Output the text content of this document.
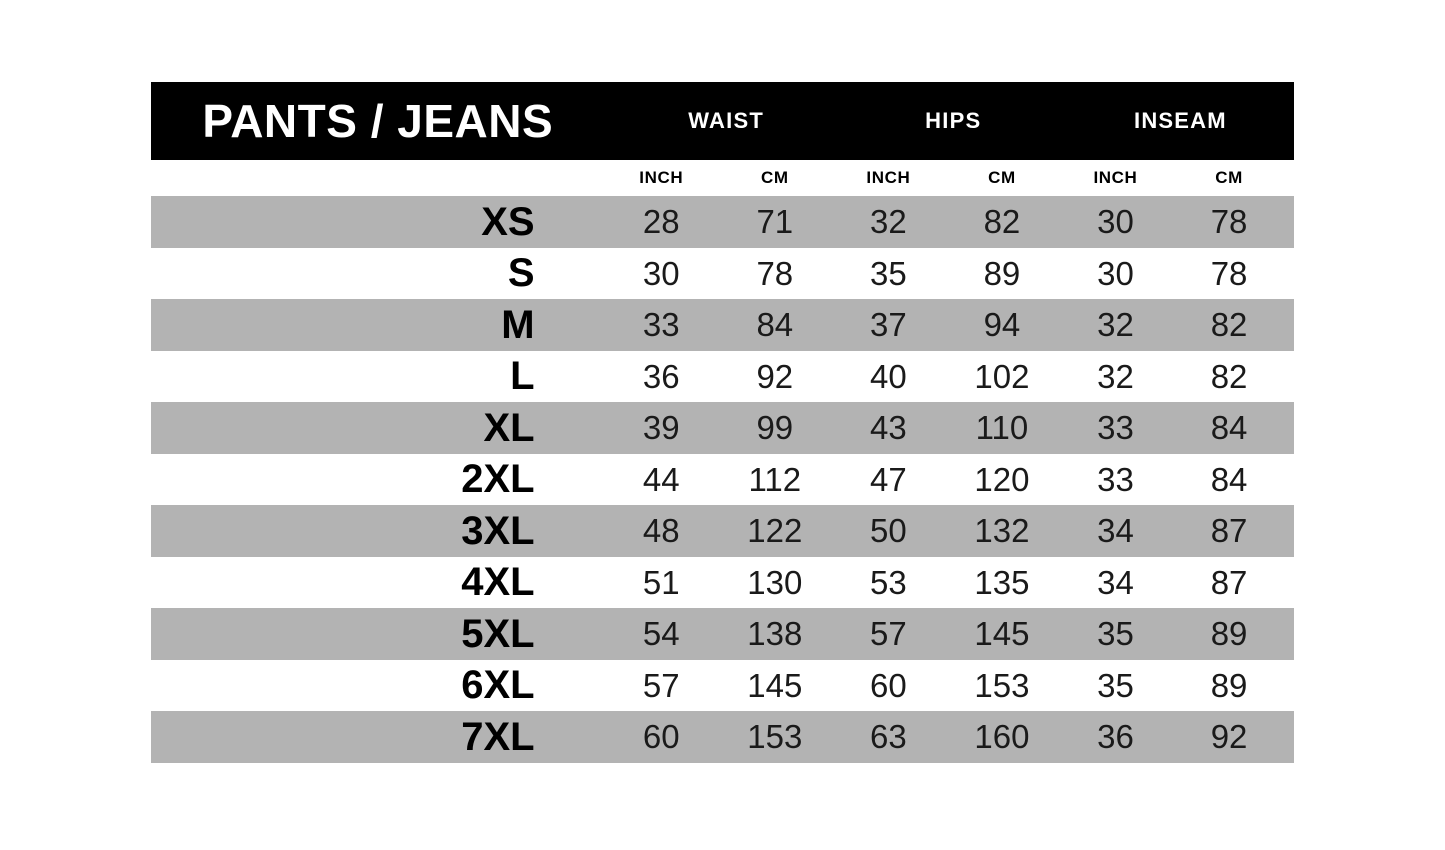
PANTS / JEANS	WAIST		HIPS		INSEAM	
	INCH	CM	INCH	CM	INCH	CM
XS	28	71	32	82	30	78
S	30	78	35	89	30	78
M	33	84	37	94	32	82
L	36	92	40	102	32	82
XL	39	99	43	110	33	84
2XL	44	112	47	120	33	84
3XL	48	122	50	132	34	87
4XL	51	130	53	135	34	87
5XL	54	138	57	145	35	89
6XL	57	145	60	153	35	89
7XL	60	153	63	160	36	92
